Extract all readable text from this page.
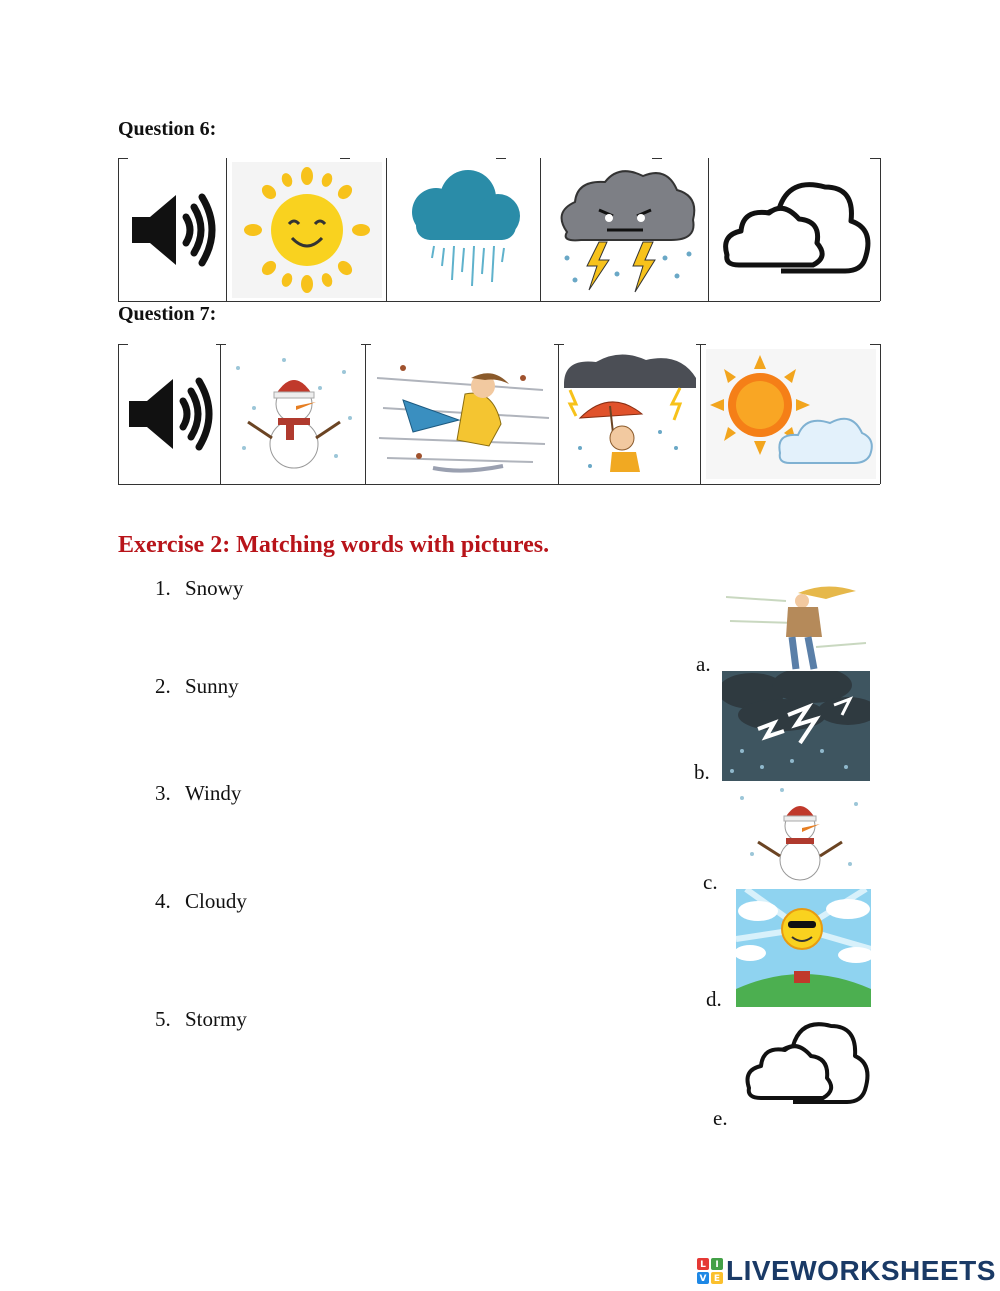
Question 6:
Question 7:
Exercise 2: Matching words with pictures.
1. Snowy
2. Sunny
3. Windy
4. Cloudy
5. Stormy
a.
b.
c.
d.
e.
L I
V E LIVEWORKSHEETS
